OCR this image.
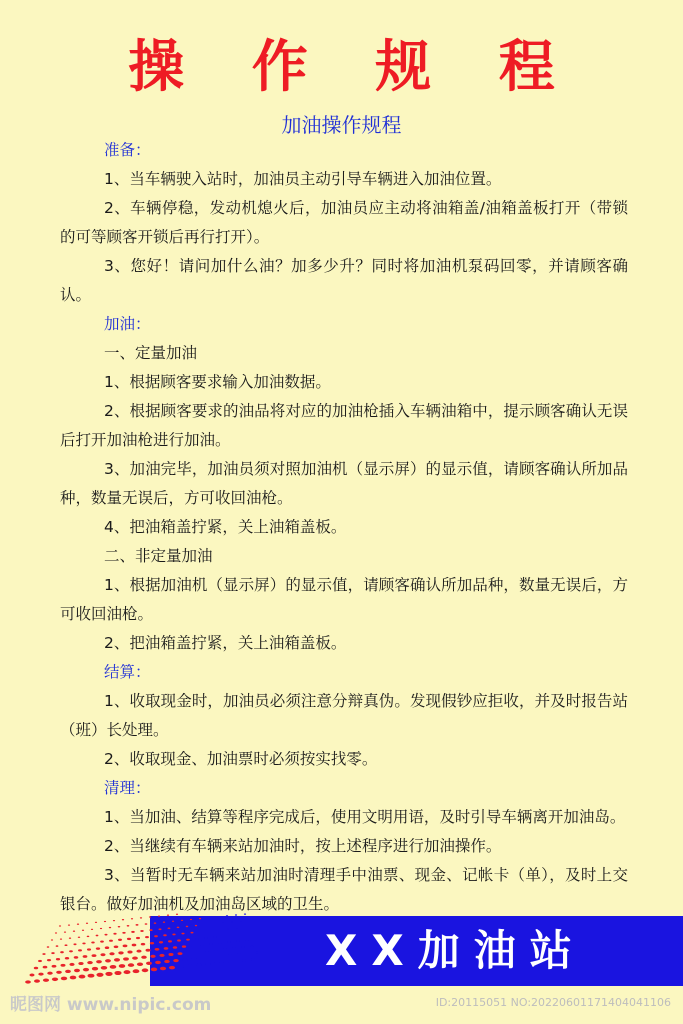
操 作 规 程
加油操作规程
准备：
1、当车辆驶入站时，加油员主动引导车辆进入加油位置。
2、车辆停稳，发动机熄火后，加油员应主动将油箱盖/油箱盖板打开（带锁的可等顾客开锁后再行打开）。
3、您好！请问加什么油？加多少升？同时将加油机泵码回零，并请顾客确认。
加油：
一、定量加油
1、根据顾客要求输入加油数据。
2、根据顾客要求的油品将对应的加油枪插入车辆油箱中，提示顾客确认无误后打开加油枪进行加油。
3、加油完毕，加油员须对照加油机（显示屏）的显示值，请顾客确认所加品种，数量无误后，方可收回油枪。
4、把油箱盖拧紧，关上油箱盖板。
二、非定量加油
1、根据加油机（显示屏）的显示值，请顾客确认所加品种，数量无误后，方可收回油枪。
2、把油箱盖拧紧，关上油箱盖板。
结算：
1、收取现金时，加油员必须注意分辩真伪。发现假钞应拒收，并及时报告站（班）长处理。
2、收取现金、加油票时必须按实找零。
清理：
1、当加油、结算等程序完成后，使用文明用语，及时引导车辆离开加油岛。
2、当继续有车辆来站加油时，按上述程序进行加油操作。
3、当暂时无车辆来站加油时清理手中油票、现金、记帐卡（单），及时上交银台。做好加油机及加油岛区域的卫生。
XX加油站
昵图网 www.nipic.com	ID:20115051 NO:20220601171404041106
